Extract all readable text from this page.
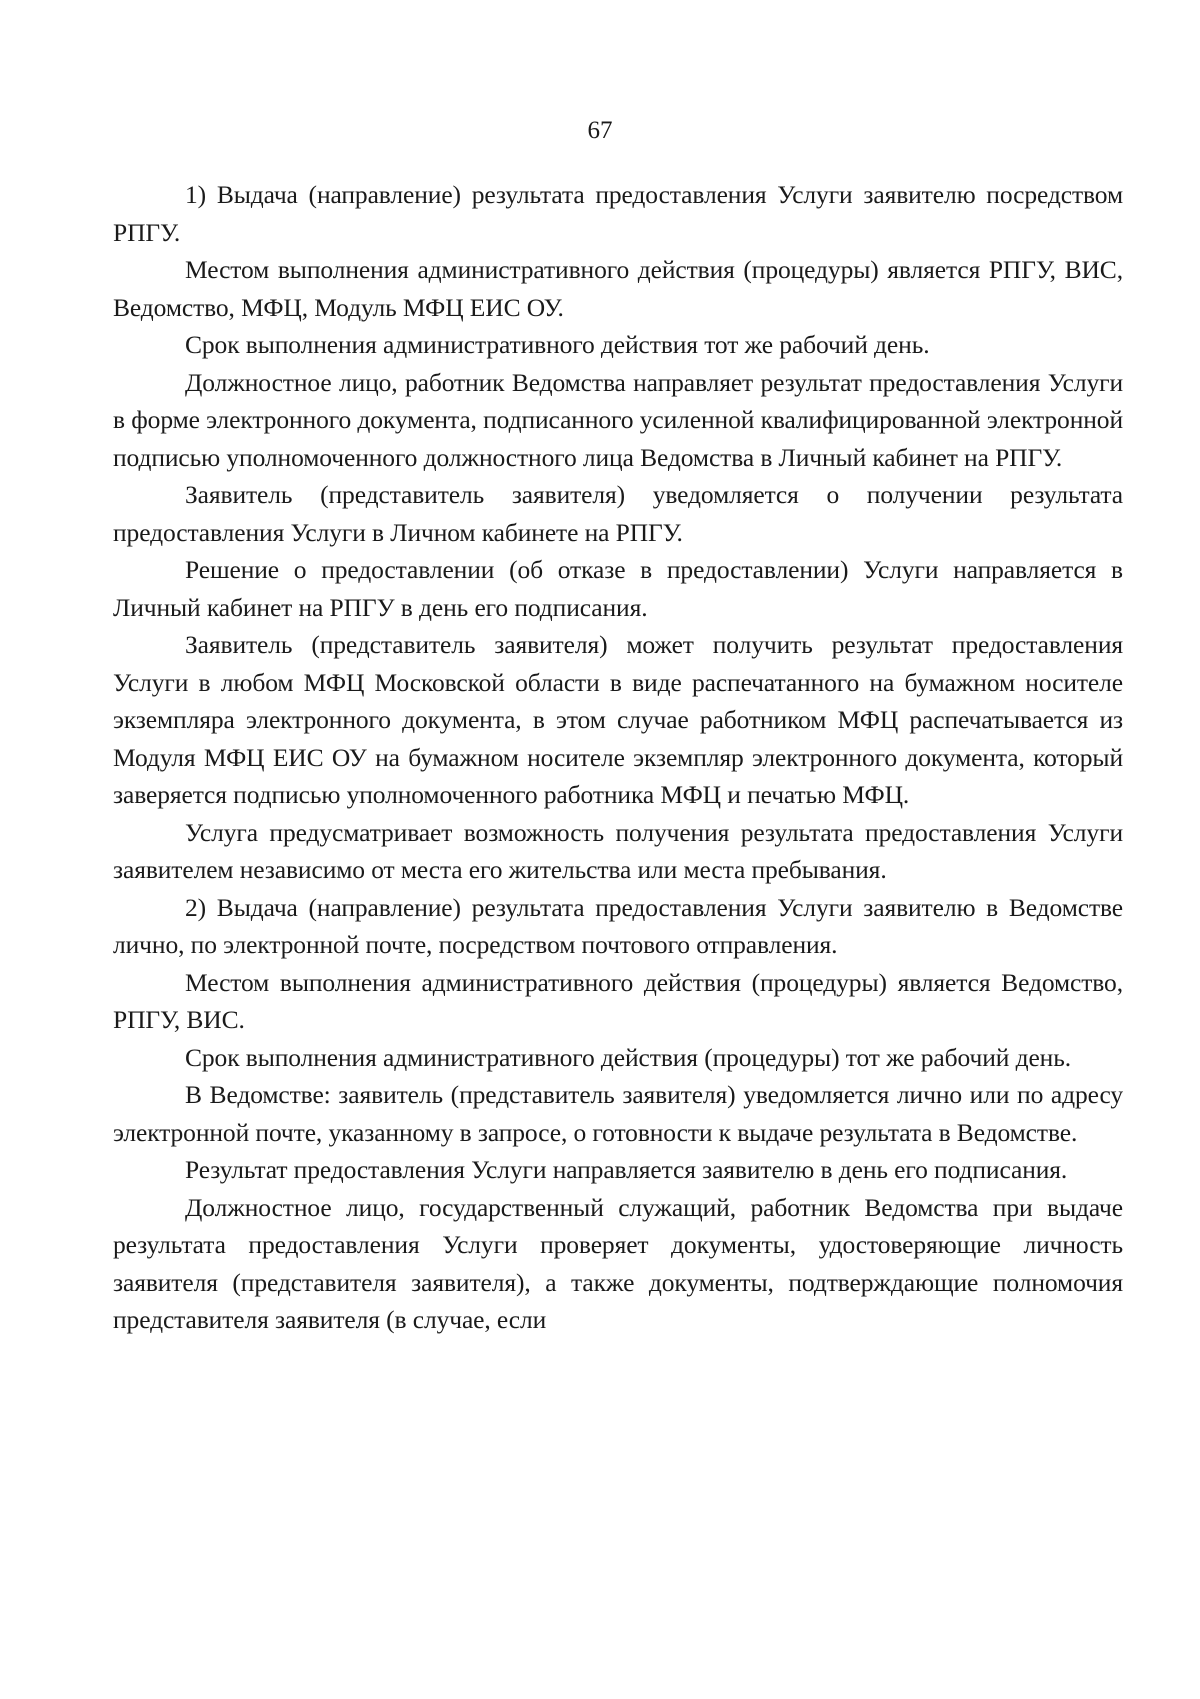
67

1) Выдача (направление) результата предоставления Услуги заявителю посредством РПГУ.

Местом выполнения административного действия (процедуры) является РПГУ, ВИС, Ведомство, МФЦ, Модуль МФЦ ЕИС ОУ.

Срок выполнения административного действия тот же рабочий день.

Должностное лицо, работник Ведомства направляет результат предоставления Услуги в форме электронного документа, подписанного усиленной квалифицированной электронной подписью уполномоченного должностного лица Ведомства в Личный кабинет на РПГУ.

Заявитель (представитель заявителя) уведомляется о получении результата предоставления Услуги в Личном кабинете на РПГУ.

Решение о предоставлении (об отказе в предоставлении) Услуги направляется в Личный кабинет на РПГУ в день его подписания.

Заявитель (представитель заявителя) может получить результат предоставления Услуги в любом МФЦ Московской области в виде распечатанного на бумажном носителе экземпляра электронного документа, в этом случае работником МФЦ распечатывается из Модуля МФЦ ЕИС ОУ на бумажном носителе экземпляр электронного документа, который заверяется подписью уполномоченного работника МФЦ и печатью МФЦ.

Услуга предусматривает возможность получения результата предоставления Услуги заявителем независимо от места его жительства или места пребывания.

2) Выдача (направление) результата предоставления Услуги заявителю в Ведомстве лично, по электронной почте, посредством почтового отправления.

Местом выполнения административного действия (процедуры) является Ведомство, РПГУ, ВИС.

Срок выполнения административного действия (процедуры) тот же рабочий день.

В Ведомстве: заявитель (представитель заявителя) уведомляется лично или по адресу электронной почте, указанному в запросе, о готовности к выдаче результата в Ведомстве.

Результат предоставления Услуги направляется заявителю в день его подписания.

Должностное лицо, государственный служащий, работник Ведомства при выдаче результата предоставления Услуги проверяет документы, удостоверяющие личность заявителя (представителя заявителя), а также документы, подтверждающие полномочия представителя заявителя (в случае, если
